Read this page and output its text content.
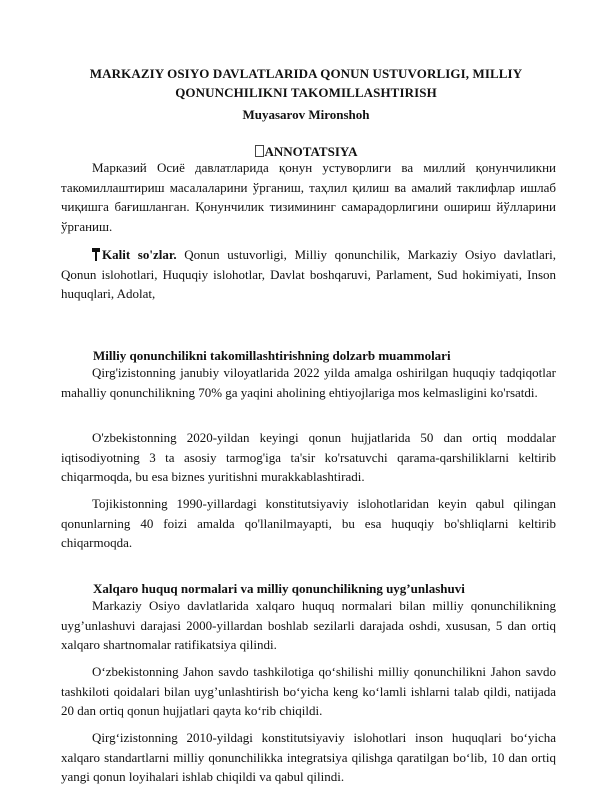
MARKAZIY OSIYO DAVLATLARIDA QONUN USTUVORLIGI, MILLIY
QONUNCHILIKNI TAKOMILLASHTIRISH
Muyasarov Mironshoh
ANNOTATSIYA

Марказий Осиё давлатларида қонун устуворлиги ва миллий қонунчиликни такомиллаштириш масалаларини ўрганиш, таҳлил қилиш ва амалий таклифлар ишлаб чиқишга бағишланган. Қонунчилик тизимининг самарадорлигини ошириш йўлларини ўрганиш.

Kalit so'zlar. Qonun ustuvorligi, Milliy qonunchilik, Markaziy Osiyo davlatlari, Qonun islohotlari, Huquqiy islohotlar, Davlat boshqaruvi, Parlament, Sud hokimiyati, Inson huquqlari, Adolat,

Milliy qonunchilikni takomillashtirishning dolzarb muammolari

Qirg'izistonning janubiy viloyatlarida 2022 yilda amalga oshirilgan huquqiy tadqiqotlar mahalliy qonunchilikning 70% ga yaqini aholining ehtiyojlariga mos kelmasligini ko'rsatdi.

O'zbekistonning 2020-yildan keyingi qonun hujjatlarida 50 dan ortiq moddalar iqtisodiyotning 3 ta asosiy tarmog'iga ta'sir ko'rsatuvchi qarama-qarshiliklarni keltirib chiqarmoqda, bu esa biznes yuritishni murakkablashtiradi.

Tojikistonning 1990-yillardagi konstitutsiyaviy islohotlaridan keyin qabul qilingan qonunlarning 40 foizi amalda qo'llanilmayapti, bu esa huquqiy bo'shliqlarni keltirib chiqarmoqda.

Xalqaro huquq normalari va milliy qonunchilikning uyg’unlashuvi

Markaziy Osiyo davlatlarida xalqaro huquq normalari bilan milliy qonunchilikning uyg’unlashuvi darajasi 2000-yillardan boshlab sezilarli darajada oshdi, xususan, 5 dan ortiq xalqaro shartnomalar ratifikatsiya qilindi.

O‘zbekistonning Jahon savdo tashkilotiga qo‘shilishi milliy qonunchilikni Jahon savdo tashkiloti qoidalari bilan uyg’unlashtirish bo‘yicha keng ko‘lamli ishlarni talab qildi, natijada 20 dan ortiq qonun hujjatlari qayta ko‘rib chiqildi.

Qirg‘izistonning 2010-yildagi konstitutsiyaviy islohotlari inson huquqlari bo‘yicha xalqaro standartlarni milliy qonunchilikka integratsiya qilishga qaratilgan bo‘lib, 10 dan ortiq yangi qonun loyihalari ishlab chiqildi va qabul qilindi.
